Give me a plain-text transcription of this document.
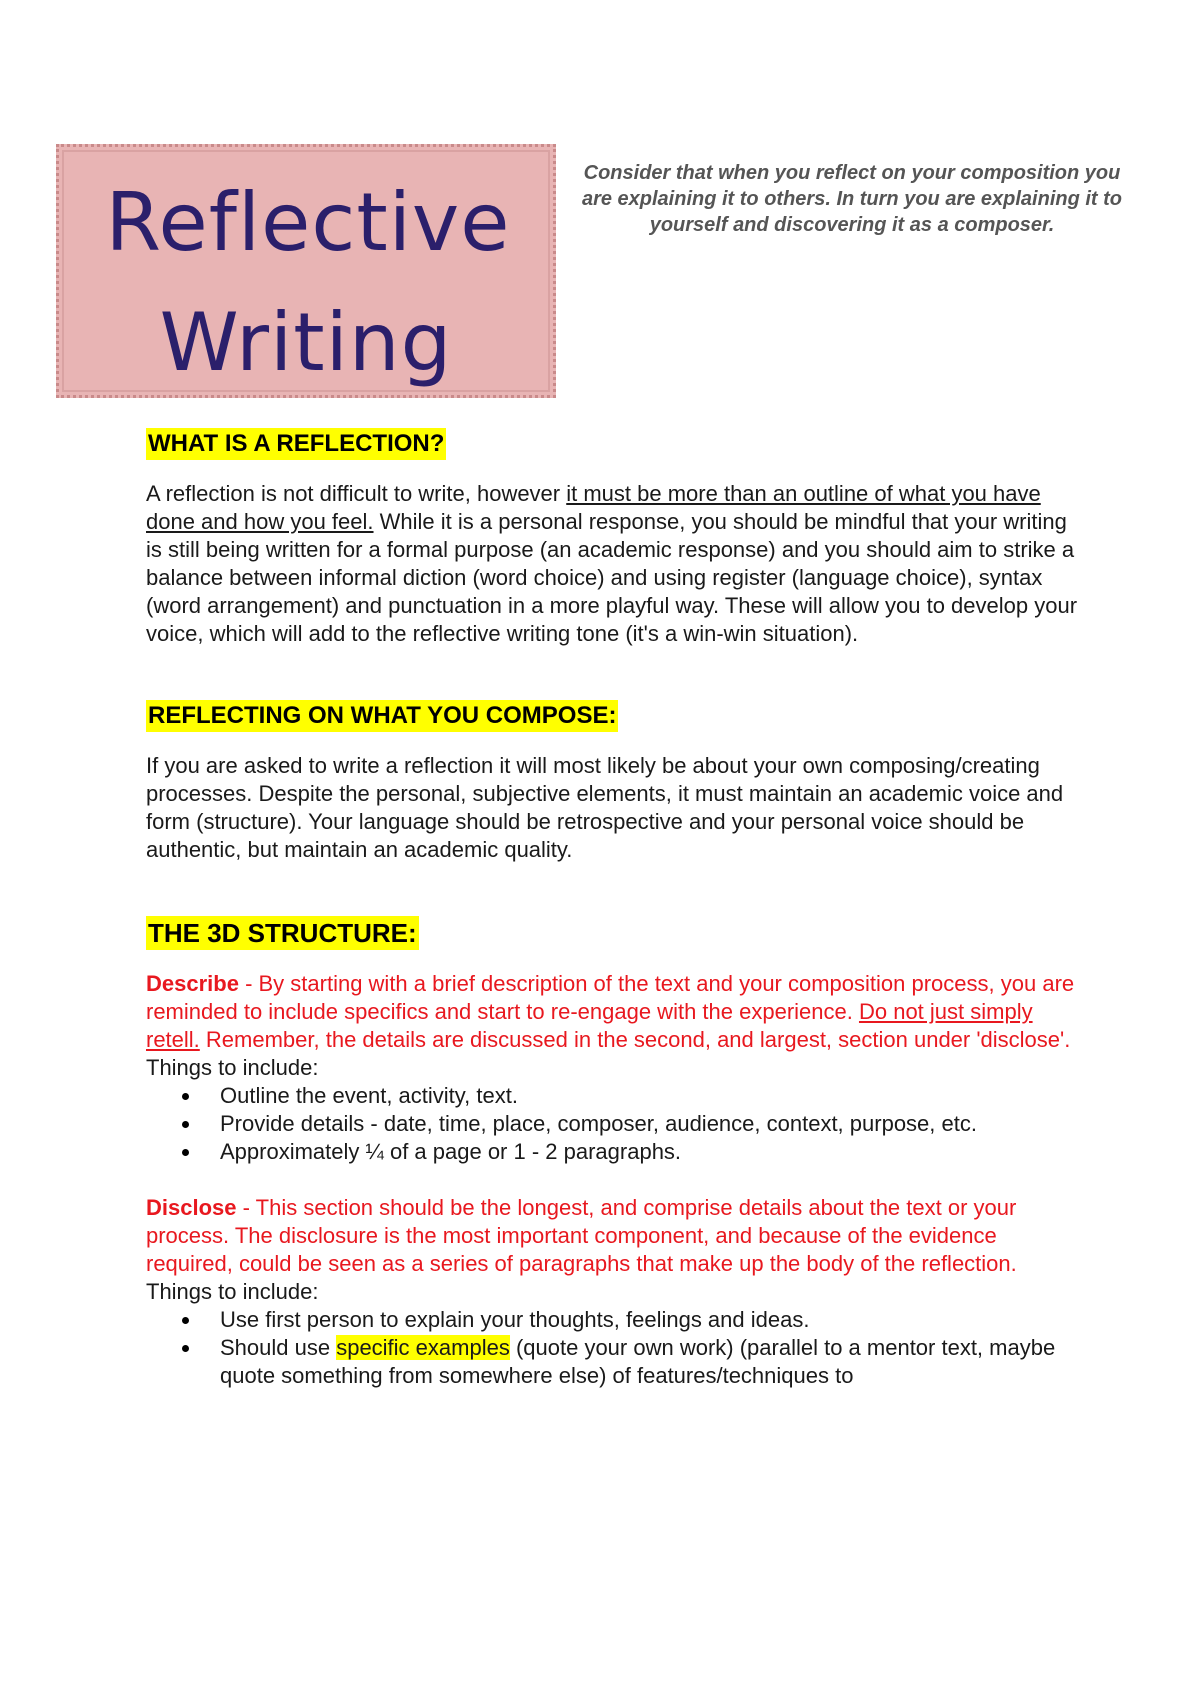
Reflective
Writing
Consider that when you reflect on your composition you are explaining it to others. In turn you are explaining it to yourself and discovering it as a composer.
WHAT IS A REFLECTION?

A reflection is not difficult to write, however it must be more than an outline of what you have done and how you feel. While it is a personal response, you should be mindful that your writing is still being written for a formal purpose (an academic response) and you should aim to strike a balance between informal diction (word choice) and using register (language choice), syntax (word arrangement) and punctuation in a more playful way. These will allow you to develop your voice, which will add to the reflective writing tone (it's a win-win situation).

REFLECTING ON WHAT YOU COMPOSE:

If you are asked to write a reflection it will most likely be about your own composing/creating processes. Despite the personal, subjective elements, it must maintain an academic voice and form (structure). Your language should be retrospective and your personal voice should be authentic, but maintain an academic quality.

THE 3D STRUCTURE:

Describe - By starting with a brief description of the text and your composition process, you are reminded to include specifics and start to re-engage with the experience. Do not just simply retell. Remember, the details are discussed in the second, and largest, section under 'disclose'.

Things to include:
Outline the event, activity, text.
Provide details - date, time, place, composer, audience, context, purpose, etc.
Approximately ¼ of a page or 1 - 2 paragraphs.

Disclose - This section should be the longest, and comprise details about the text or your process. The disclosure is the most important component, and because of the evidence required, could be seen as a series of paragraphs that make up the body of the reflection.

Things to include:
Use first person to explain your thoughts, feelings and ideas.
Should use specific examples (quote your own work) (parallel to a mentor text, maybe quote something from somewhere else) of features/techniques to
